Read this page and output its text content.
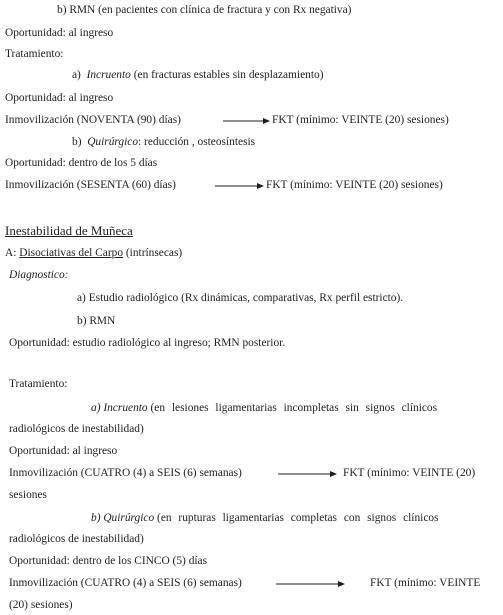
b) RMN (en pacientes con clínica de fractura y con Rx negativa)
Oportunidad: al ingreso
Tratamiento:
a) Incruento (en fracturas estables sin desplazamiento)
Oportunidad: al ingreso
Inmovilización (NOVENTA (90) días)	FKT (mínimo: VEINTE (20) sesiones)
b) Quirúrgico: reducción , osteosíntesis
Oportunidad: dentro de los 5 días
Inmovilización (SESENTA (60) días)	FKT (mínimo: VEINTE (20) sesiones)
Inestabilidad de Muñeca
A: Disociativas del Carpo (intrínsecas)
Diagnostico:
a) Estudio radiológico (Rx dinámicas, comparativas, Rx perfil estricto).
b) RMN
Oportunidad: estudio radiológico al ingreso; RMN posterior.
Tratamiento:
a) Incruento (en lesiones ligamentarias incompletas sin signos clínicos
radiológicos de inestabilidad)
Oportunidad: al ingreso
Inmovilización (CUATRO (4) a SEIS (6) semanas)	FKT (mínimo: VEINTE (20)
sesiones
b) Quirúrgico (en rupturas ligamentarias completas con signos clínicos
radiológicos de inestabilidad)
Oportunidad: dentro de los CINCO (5) días
Inmovilización (CUATRO (4) a SEIS (6) semanas)	FKT (mínimo: VEINTE
(20) sesiones)
